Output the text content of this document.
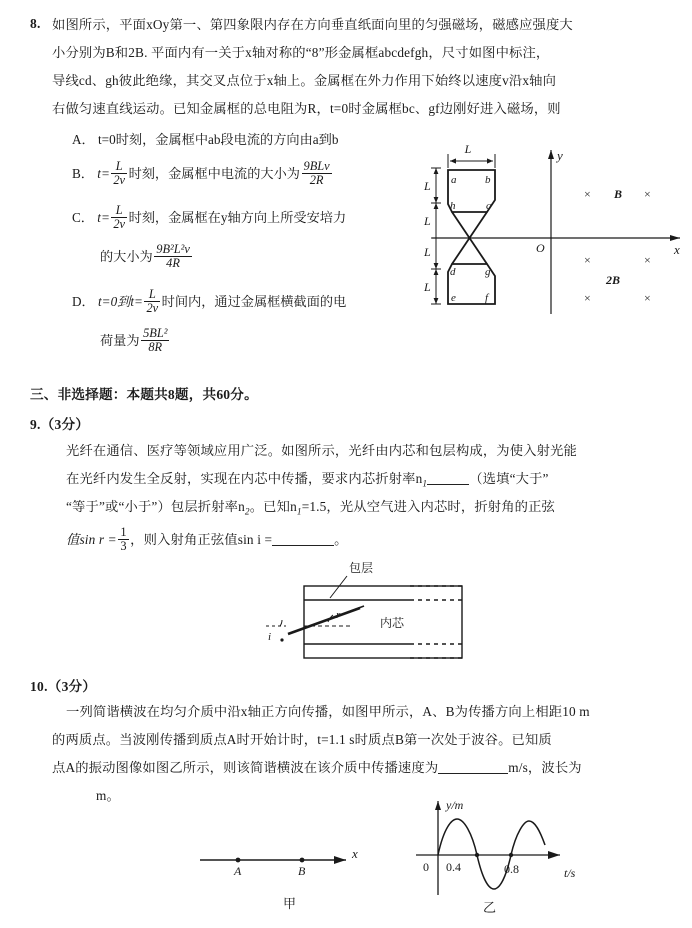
8. 如图所示，平面xOy第一、第四象限内存在方向垂直纸面向里的匀强磁场，磁感应强度大
小分别为B和2B. 平面内有一关于x轴对称的“8”形金属框abcdefgh，尺寸如图中标注，
导线cd、gh彼此绝缘，其交叉点位于x轴上。金属框在外力作用下始终以速度v沿x轴向
右做匀速直线运动。已知金属框的总电阻为R，t=0时金属框bc、gf边刚好进入磁场，则
A． t=0时刻，金属框中ab段电流的方向由a到b
B． $t= \frac{L}{2v}$ 时刻，金属框中电流的大小为 $\frac{\text{9BLv}}{2R}$
C． $t= \frac{L}{2v}$ 时刻，金属框在y轴方向上所受安培力
的大小为 $\frac{\text{9B²L²v}}{4R}$
D． t=0到$t= \frac{L}{2v}$ 时间内，通过金属框横截面的电
荷量为 $\frac{\text{5BL²}}{8R}$
L
L
L
L
L
a	b
c
h
d	g
f
e
y
x
O
× B ×
×	×
2B
×	×
三、非选择题：本题共8题，共60分。
9.（3分）
光纤在通信、医疗等领域应用广泛。如图所示，光纤由内芯和包层构成，为使入射光能
在光纤内发生全反射，实现在内芯中传播，要求内芯折射率$n_1$	（选填“大于”
“等于”或“小于”）包层折射率$n_2$。已知$n_1=1.5$，光从空气进入内芯时，折射角的正弦
值$\sin r = \frac{1}{3}$ ，则入射角正弦值sin i =	。
包层
r
i
内芯
10.（3分）
一列简谐横波在均匀介质中沿x轴正方向传播，如图甲所示，A、B为传播方向上相距10 m
的两质点。当波刚传播到质点A时开始计时，t=1.1 s时质点B第一次处于波谷。已知质
点A的振动图像如图乙所示，则该简谐横波在该介质中传播速度为	m/s，波长为
m。
A	B
x
甲
0 0.4	0.8
y/m
t/s
乙
